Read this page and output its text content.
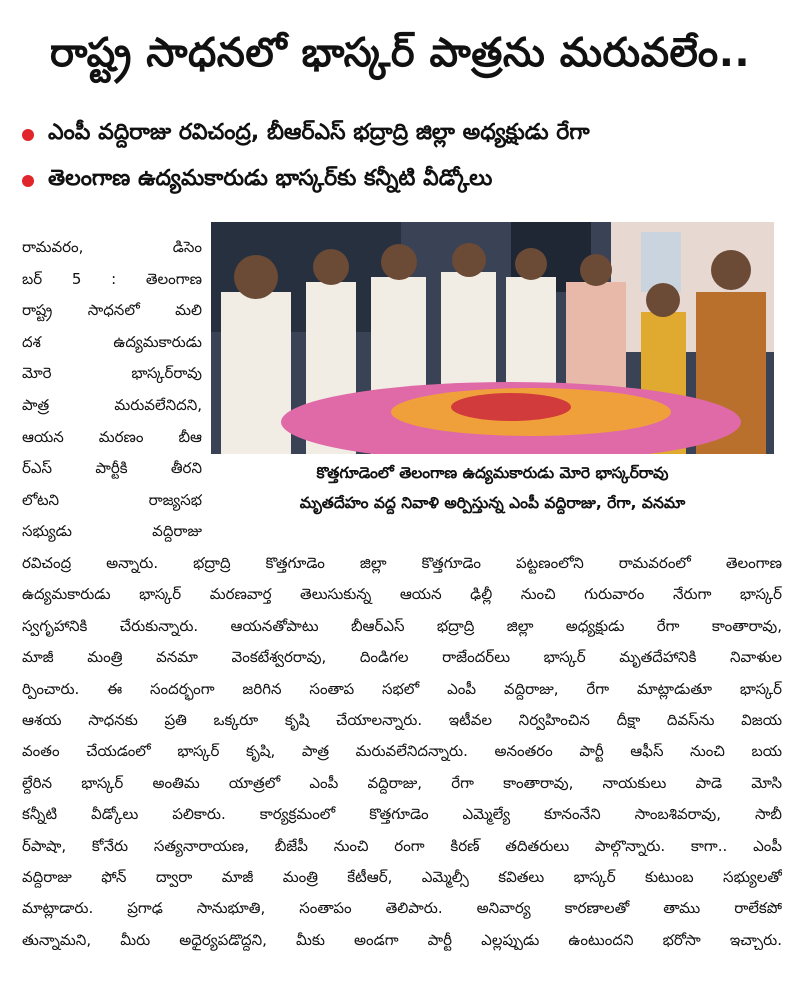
రాష్ట్ర సాధనలో భాస్కర్ పాత్రను మరువలేం..
ఎంపీ వద్దిరాజు రవిచంద్ర, బీఆర్ఎస్ భద్రాద్రి జిల్లా అధ్యక్షుడు రేగా
తెలంగాణ ఉద్యమకారుడు భాస్కర్‌కు కన్నీటి వీడ్కోలు
రామవరం, డిసెం
బర్ 5 : తెలంగాణ
రాష్ట్ర సాధనలో మలి
దశ ఉద్యమకారుడు
మోరె భాస్కర్‌రావు
పాత్ర మరువలేనిదని,
ఆయన మరణం బీఆ
ర్ఎస్ పార్టీకి తీరని
లోటని రాజ్యసభ
సభ్యుడు వద్దిరాజు
కొత్తగూడెంలో తెలంగాణ ఉద్యమకారుడు మోరె భాస్కర్‌రావు
మృతదేహం వద్ద నివాళి అర్పిస్తున్న ఎంపీ వద్దిరాజు, రేగా, వనమా
రవిచంద్ర అన్నారు. భద్రాద్రి కొత్తగూడెం జిల్లా కొత్తగూడెం పట్టణంలోని రామవరంలో తెలంగాణ
ఉద్యమకారుడు భాస్కర్ మరణవార్త తెలుసుకున్న ఆయన ఢిల్లీ నుంచి గురువారం నేరుగా భాస్కర్
స్వగృహానికి చేరుకున్నారు. ఆయనతోపాటు బీఆర్ఎస్ భద్రాద్రి జిల్లా అధ్యక్షుడు రేగా కాంతారావు,
మాజీ మంత్రి వనమా వెంకటేశ్వరరావు, దిండిగల రాజేందర్‌లు భాస్కర్ మృతదేహానికి నివాళుల
ర్పించారు. ఈ సందర్భంగా జరిగిన సంతాప సభలో ఎంపీ వద్దిరాజు, రేగా మాట్లాడుతూ భాస్కర్
ఆశయ సాధనకు ప్రతి ఒక్కరూ కృషి చేయాలన్నారు. ఇటీవల నిర్వహించిన దీక్షా దివస్‌ను విజయ
వంతం చేయడంలో భాస్కర్ కృషి, పాత్ర మరువలేనిదన్నారు. అనంతరం పార్టీ ఆఫీస్ నుంచి బయ
ల్దేరిన భాస్కర్ అంతిమ యాత్రలో ఎంపీ వద్దిరాజు, రేగా కాంతారావు, నాయకులు పాడె మోసి
కన్నీటి వీడ్కోలు పలికారు. కార్యక్రమంలో కొత్తగూడెం ఎమ్మెల్యే కూనంనేని సాంబశివరావు, సాబీ
ర్‌పాషా, కోనేరు సత్యనారాయణ, బీజేపీ నుంచి రంగా కిరణ్ తదితరులు పాల్గొన్నారు. కాగా.. ఎంపీ
వద్దిరాజు ఫోన్ ద్వారా మాజీ మంత్రి కేటీఆర్, ఎమ్మెల్సీ కవితలు భాస్కర్ కుటుంబ సభ్యులతో
మాట్లాడారు. ప్రగాఢ సానుభూతి, సంతాపం తెలిపారు. అనివార్య కారణాలతో తాము రాలేకపో
తున్నామని, మీరు అధైర్యపడొద్దని, మీకు అండగా పార్టీ ఎల్లప్పుడు ఉంటుందని భరోసా ఇచ్చారు.
